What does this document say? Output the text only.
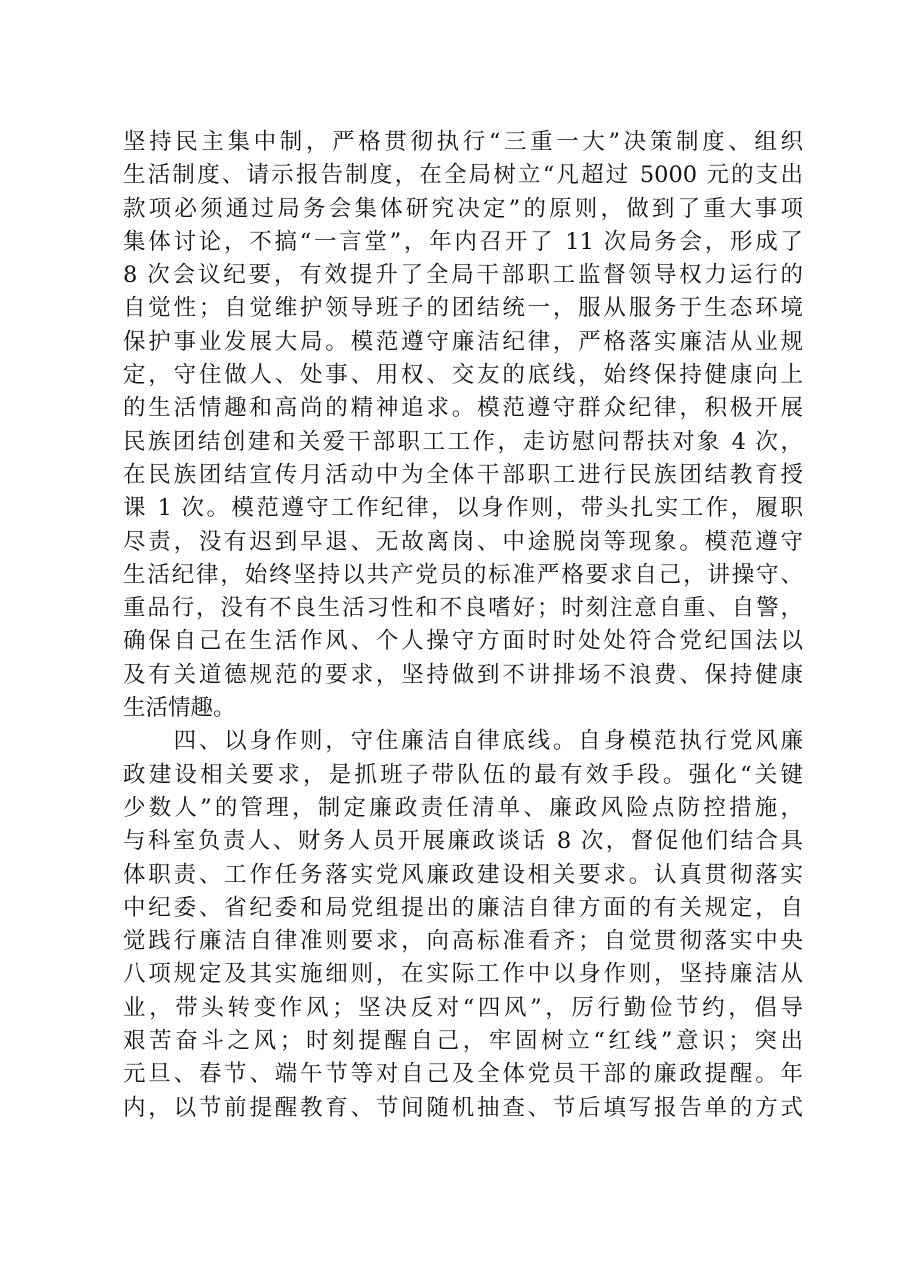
坚持民主集中制，严格贯彻执行“三重一大”决策制度、组织
生活制度、请示报告制度，在全局树立“凡超过 5000 元的支出
款项必须通过局务会集体研究决定”的原则，做到了重大事项
集体讨论，不搞“一言堂”，年内召开了 11 次局务会，形成了
8 次会议纪要，有效提升了全局干部职工监督领导权力运行的
自觉性；自觉维护领导班子的团结统一，服从服务于生态环境
保护事业发展大局。模范遵守廉洁纪律，严格落实廉洁从业规
定，守住做人、处事、用权、交友的底线，始终保持健康向上
的生活情趣和高尚的精神追求。模范遵守群众纪律，积极开展
民族团结创建和关爱干部职工工作，走访慰问帮扶对象 4 次，
在民族团结宣传月活动中为全体干部职工进行民族团结教育授
课 1 次。模范遵守工作纪律，以身作则，带头扎实工作，履职
尽责，没有迟到早退、无故离岗、中途脱岗等现象。模范遵守
生活纪律，始终坚持以共产党员的标准严格要求自己，讲操守、
重品行，没有不良生活习性和不良嗜好；时刻注意自重、自警，
确保自己在生活作风、个人操守方面时时处处符合党纪国法以
及有关道德规范的要求，坚持做到不讲排场不浪费、保持健康
生活情趣。
　　四、以身作则，守住廉洁自律底线。自身模范执行党风廉
政建设相关要求，是抓班子带队伍的最有效手段。强化“关键
少数人”的管理，制定廉政责任清单、廉政风险点防控措施，
与科室负责人、财务人员开展廉政谈话 8 次，督促他们结合具
体职责、工作任务落实党风廉政建设相关要求。认真贯彻落实
中纪委、省纪委和局党组提出的廉洁自律方面的有关规定，自
觉践行廉洁自律准则要求，向高标准看齐；自觉贯彻落实中央
八项规定及其实施细则，在实际工作中以身作则，坚持廉洁从
业，带头转变作风；坚决反对“四风”，厉行勤俭节约，倡导
艰苦奋斗之风；时刻提醒自己，牢固树立“红线”意识；突出
元旦、春节、端午节等对自己及全体党员干部的廉政提醒。年
内，以节前提醒教育、节间随机抽查、节后填写报告单的方式
